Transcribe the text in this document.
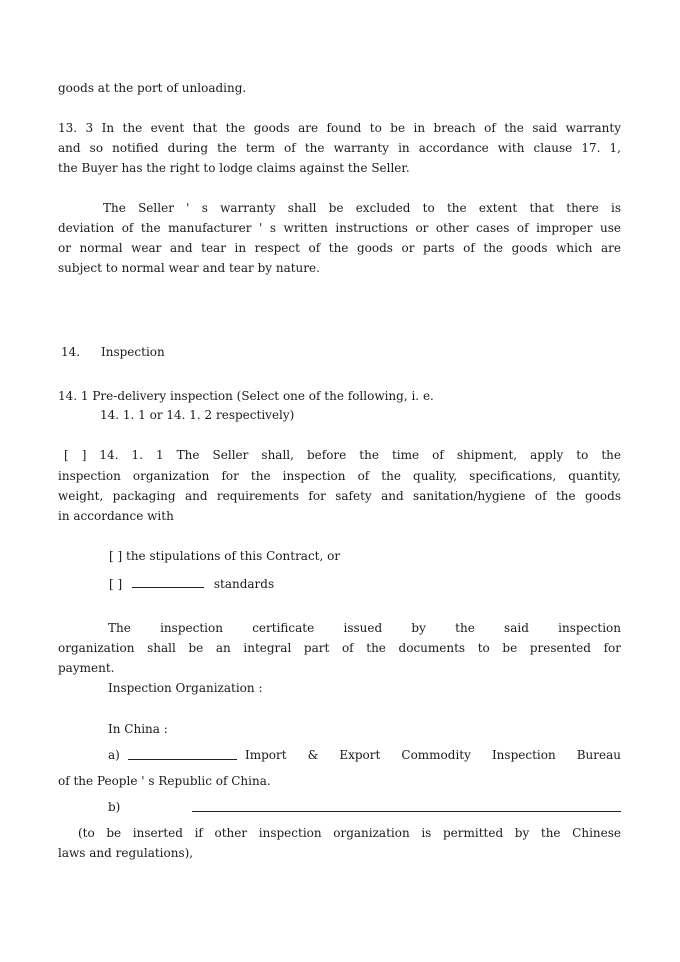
goods at the port of unloading.
13. 3 In the event that the goods are found to be in breach of the said warranty
and so notified during the term of the warranty in accordance with clause 17. 1,
the Buyer has the right to lodge claims against the Seller.
The Seller ' s warranty shall be excluded to the extent that there is
deviation of the manufacturer ' s written instructions or other cases of improper use
or normal wear and tear in respect of the goods or parts of the goods which are
subject to normal wear and tear by nature.
14.	Inspection
14. 1 Pre-delivery inspection (Select one of the following, i. e.
14. 1. 1 or 14. 1. 2 respectively)
[ ] 14. 1. 1 The Seller shall, before the time of shipment, apply to the
inspection organization for the inspection of the quality, specifications, quantity,
weight, packaging and requirements for safety and sanitation/hygiene of the goods
in accordance with
[ ] the stipulations of this Contract, or
[ ]	standards
The inspection certificate issued by the said inspection
organization shall be an integral part of the documents to be presented for
payment.
Inspection Organization :
In China :
a)	Import & Export Commodity Inspection Bureau
of the People ' s Republic of China.
b)
(to be inserted if other inspection organization is permitted by the Chinese
laws and regulations),
